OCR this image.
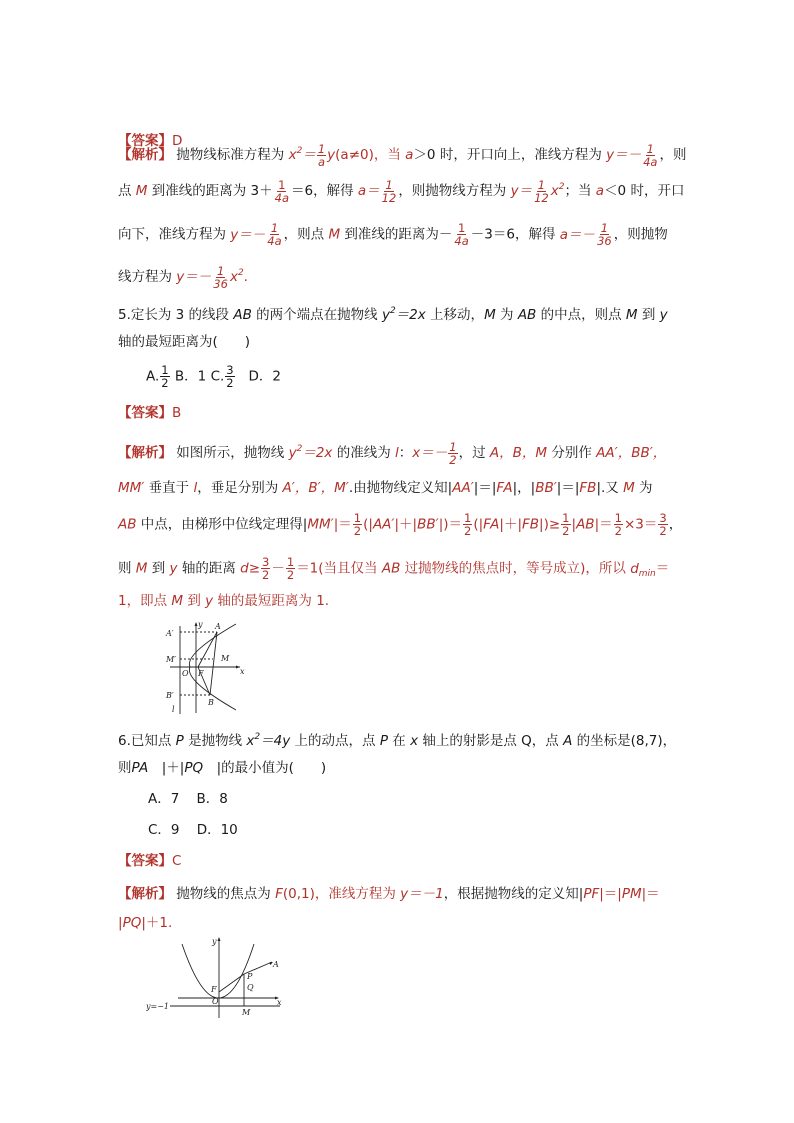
【答案】D
【解析】 抛物线标准方程为 $x^2= \frac{1}{a} y(a\ne 0)$，当 a＞0 时，开口向上，准线方程为 $y=- \frac{1}{4a}$ ，则
点 M 到准线的距离为 $3+ \frac{1}{4a} =6$，解得 $a= \frac{1}{12}$ ，则抛物线方程为 $y= \frac{1}{12} x^2$；当 a＜0 时，开口
向下，准线方程为 $y=- \frac{1}{4a}$ ，则点 M 到准线的距离为－ $\frac{1}{4a} -3=6$，解得 $a=- \frac{1}{36}$ ，则抛物
线方程为 $y=- \frac{1}{36} x^2$.
5.定长为 3 的线段 AB 的两个端点在抛物线 $y^2=2x$ 上移动，M 为 AB 的中点，则点 M 到 y
轴的最短距离为(　　)
A. $\frac{1}{2}$ B．1 C. $\frac{3}{2}$ D．2
【答案】B
【解析】 如图所示，抛物线 $y^2=2x$ 的准线为 l：$x=- \frac{1}{2}$ ，过 A，B，M 分别作 AA′，BB′，
MM′ 垂直于 l，垂足分别为 A′，B′，M′.由抛物线定义知|AA′|＝|FA|，|BB′|＝|FB|.又 M 为
AB 中点，由梯形中位线定理得$|MM'|= \frac{1}{2} (|AA'|+|BB'|)= \frac{1}{2} (|FA|+|FB|)\ge \frac{1}{2} |AB|= \frac{1}{2} \times 3= \frac{3}{2}$ ，
则 M 到 y 轴的距离 $d\ge \frac{3}{2} - \frac{1}{2} =1$(当且仅当 AB 过抛物线的焦点时，等号成立)，所以 $d_{min}=$
1，即点 M 到 y 轴的最短距离为 1.
y
x
A
A′
M′	M
O F
B′
B
l
6.已知点 P 是抛物线 $x^2=4y$ 上的动点，点 P 在 x 轴上的射影是点 Q，点 A 的坐标是(8,7)，
则PA　|＋|PQ　|的最小值为(　　)
A．7 B．8
C．9 D．10
【答案】C
【解析】 抛物线的焦点为 F(0,1)，准线方程为 y＝－1，根据抛物线的定义知|PF|＝|PM|＝
|PQ|＋1.
y
x
A
P
Q
F
O
M
y=−1
